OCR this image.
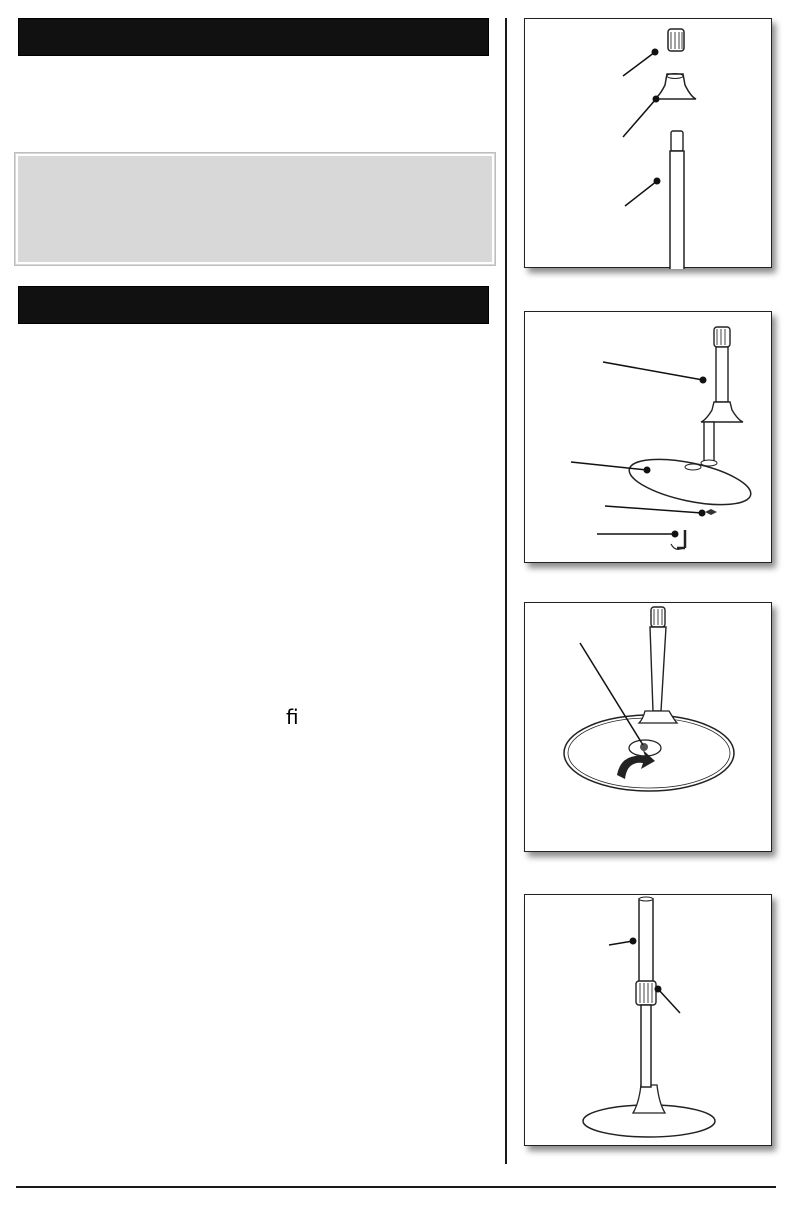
ﬁ
